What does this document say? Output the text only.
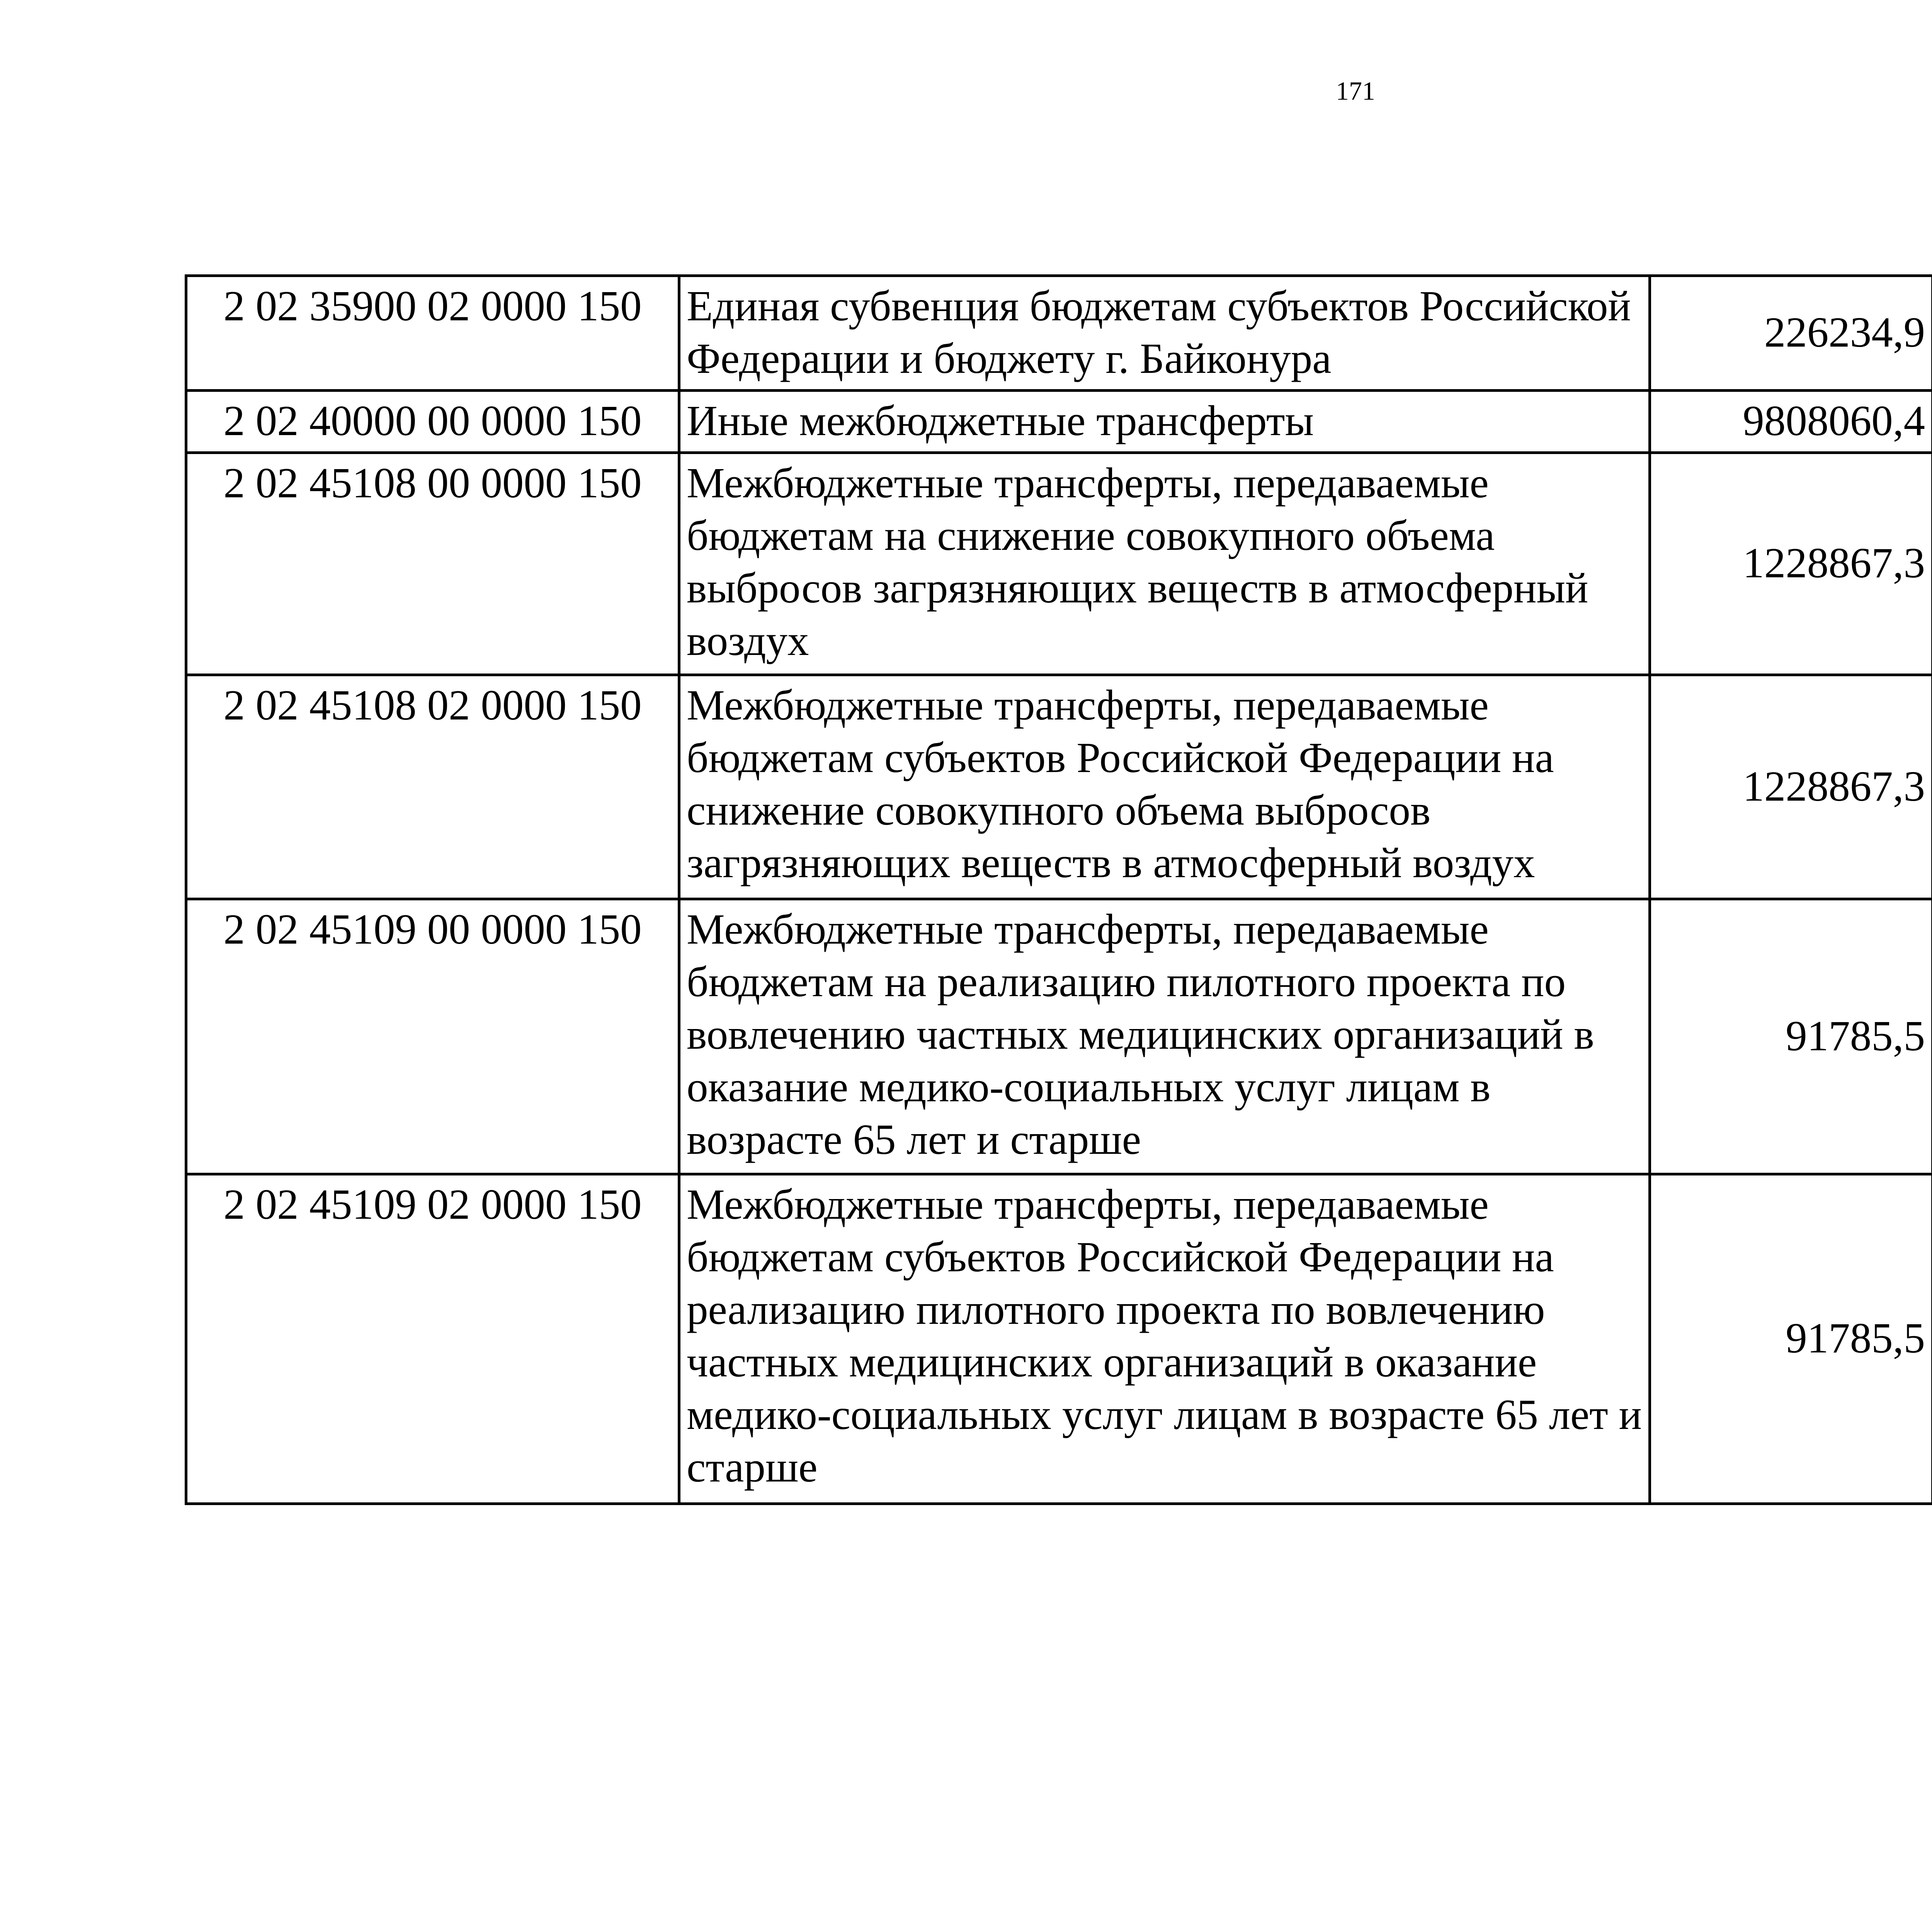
171
2 02 35900 02 0000 150	Единая субвенция бюджетам субъектов Российской Федерации и бюджету г. Байконура	226234,9		
2 02 40000 00 0000 150	Иные межбюджетные трансферты	9808060,4		
2 02 45108 00 0000 150	Межбюджетные трансферты, передаваемые бюджетам на снижение совокупного объема выбросов загрязняющих веществ в атмосферный воздух	1228867,3		
2 02 45108 02 0000 150	Межбюджетные трансферты, передаваемые бюджетам субъектов Российской Федерации на снижение совокупного объема выбросов загрязняющих веществ в атмосферный воздух	1228867,3		
2 02 45109 00 0000 150	Межбюджетные трансферты, передаваемые бюджетам на реализацию пилотного проекта по вовлечению частных медицинских организаций в оказание медико-социальных услуг лицам в возрасте 65 лет и старше	91785,5		
2 02 45109 02 0000 150	Межбюджетные трансферты, передаваемые бюджетам субъектов Российской Федерации на реализацию пилотного проекта по вовлечению частных медицинских организаций в оказание медико-социальных услуг лицам в возрасте 65 лет и старше	91785,5		
